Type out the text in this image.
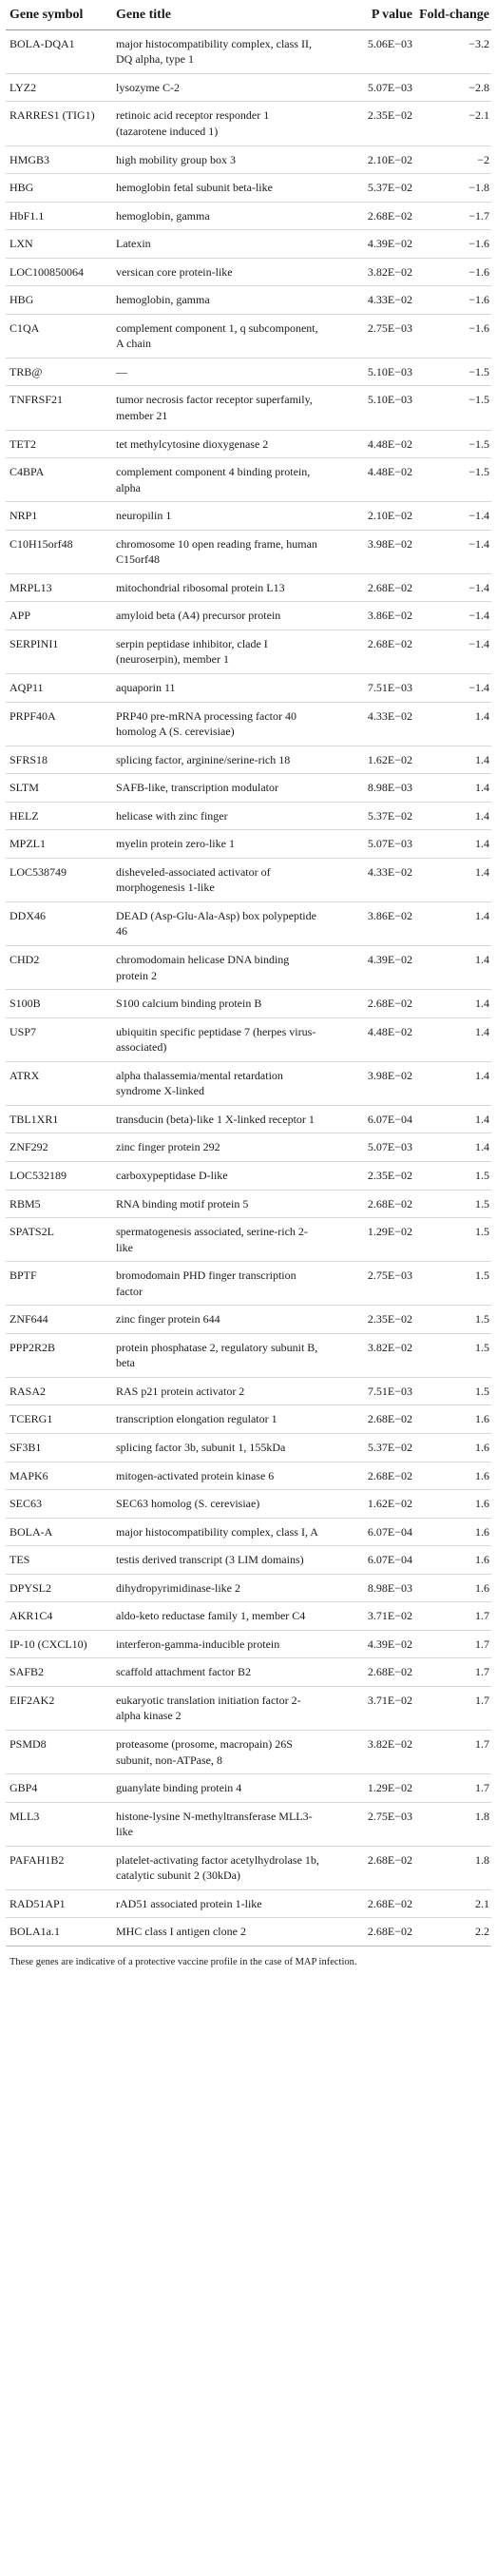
Gene symbol	Gene title	P value	Fold-change
BOLA-DQA1	major histocompatibility complex, class II, DQ alpha, type 1	5.06E−03	−3.2
LYZ2	lysozyme C-2	5.07E−03	−2.8
RARRES1 (TIG1)	retinoic acid receptor responder 1 (tazarotene induced 1)	2.35E−02	−2.1
HMGB3	high mobility group box 3	2.10E−02	−2
HBG	hemoglobin fetal subunit beta-like	5.37E−02	−1.8
HbF1.1	hemoglobin, gamma	2.68E−02	−1.7
LXN	Latexin	4.39E−02	−1.6
LOC100850064	versican core protein-like	3.82E−02	−1.6
HBG	hemoglobin, gamma	4.33E−02	−1.6
C1QA	complement component 1, q subcomponent, A chain	2.75E−03	−1.6
TRB@	—	5.10E−03	−1.5
TNFRSF21	tumor necrosis factor receptor superfamily, member 21	5.10E−03	−1.5
TET2	tet methylcytosine dioxygenase 2	4.48E−02	−1.5
C4BPA	complement component 4 binding protein, alpha	4.48E−02	−1.5
NRP1	neuropilin 1	2.10E−02	−1.4
C10H15orf48	chromosome 10 open reading frame, human C15orf48	3.98E−02	−1.4
MRPL13	mitochondrial ribosomal protein L13	2.68E−02	−1.4
APP	amyloid beta (A4) precursor protein	3.86E−02	−1.4
SERPINI1	serpin peptidase inhibitor, clade I (neuroserpin), member 1	2.68E−02	−1.4
AQP11	aquaporin 11	7.51E−03	−1.4
PRPF40A	PRP40 pre-mRNA processing factor 40 homolog A (S. cerevisiae)	4.33E−02	1.4
SFRS18	splicing factor, arginine/serine-rich 18	1.62E−02	1.4
SLTM	SAFB-like, transcription modulator	8.98E−03	1.4
HELZ	helicase with zinc finger	5.37E−02	1.4
MPZL1	myelin protein zero-like 1	5.07E−03	1.4
LOC538749	disheveled-associated activator of morphogenesis 1-like	4.33E−02	1.4
DDX46	DEAD (Asp-Glu-Ala-Asp) box polypeptide 46	3.86E−02	1.4
CHD2	chromodomain helicase DNA binding protein 2	4.39E−02	1.4
S100B	S100 calcium binding protein B	2.68E−02	1.4
USP7	ubiquitin specific peptidase 7 (herpes virus-associated)	4.48E−02	1.4
ATRX	alpha thalassemia/mental retardation syndrome X-linked	3.98E−02	1.4
TBL1XR1	transducin (beta)-like 1 X-linked receptor 1	6.07E−04	1.4
ZNF292	zinc finger protein 292	5.07E−03	1.4
LOC532189	carboxypeptidase D-like	2.35E−02	1.5
RBM5	RNA binding motif protein 5	2.68E−02	1.5
SPATS2L	spermatogenesis associated, serine-rich 2-like	1.29E−02	1.5
BPTF	bromodomain PHD finger transcription factor	2.75E−03	1.5
ZNF644	zinc finger protein 644	2.35E−02	1.5
PPP2R2B	protein phosphatase 2, regulatory subunit B, beta	3.82E−02	1.5
RASA2	RAS p21 protein activator 2	7.51E−03	1.5
TCERG1	transcription elongation regulator 1	2.68E−02	1.6
SF3B1	splicing factor 3b, subunit 1, 155kDa	5.37E−02	1.6
MAPK6	mitogen-activated protein kinase 6	2.68E−02	1.6
SEC63	SEC63 homolog (S. cerevisiae)	1.62E−02	1.6
BOLA-A	major histocompatibility complex, class I, A	6.07E−04	1.6
TES	testis derived transcript (3 LIM domains)	6.07E−04	1.6
DPYSL2	dihydropyrimidinase-like 2	8.98E−03	1.6
AKR1C4	aldo-keto reductase family 1, member C4	3.71E−02	1.7
IP-10 (CXCL10)	interferon-gamma-inducible protein	4.39E−02	1.7
SAFB2	scaffold attachment factor B2	2.68E−02	1.7
EIF2AK2	eukaryotic translation initiation factor 2-alpha kinase 2	3.71E−02	1.7
PSMD8	proteasome (prosome, macropain) 26S subunit, non-ATPase, 8	3.82E−02	1.7
GBP4	guanylate binding protein 4	1.29E−02	1.7
MLL3	histone-lysine N-methyltransferase MLL3-like	2.75E−03	1.8
PAFAH1B2	platelet-activating factor acetylhydrolase 1b, catalytic subunit 2 (30kDa)	2.68E−02	1.8
RAD51AP1	rAD51 associated protein 1-like	2.68E−02	2.1
BOLA1a.1	MHC class I antigen clone 2	2.68E−02	2.2
These genes are indicative of a protective vaccine profile in the case of MAP infection.
